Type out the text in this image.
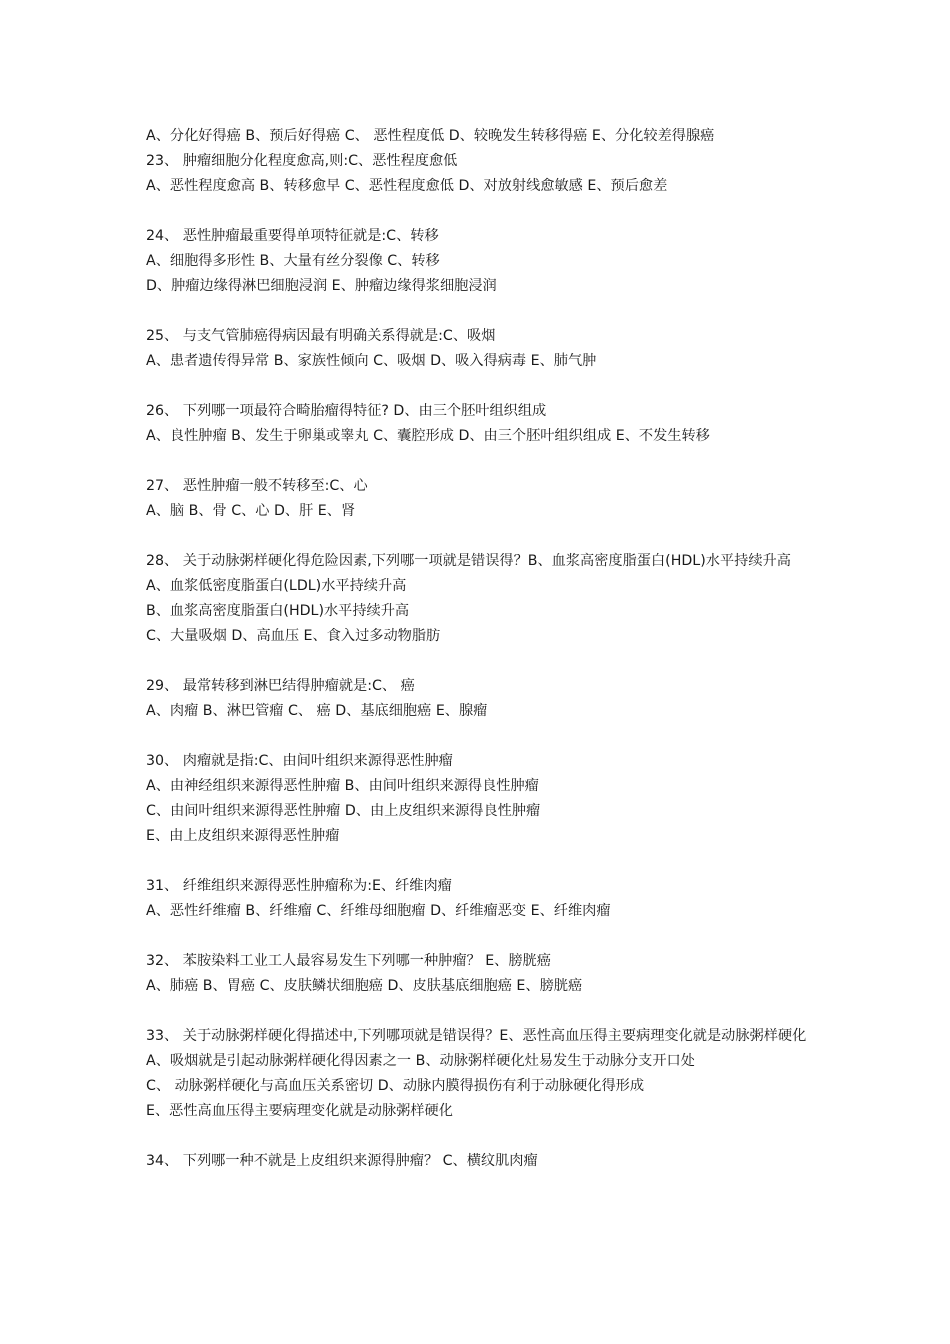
A、分化好得癌 B、预后好得癌 C、 恶性程度低 D、较晚发生转移得癌 E、分化较差得腺癌

23、 肿瘤细胞分化程度愈高,则:C、恶性程度愈低

A、恶性程度愈高 B、转移愈早 C、恶性程度愈低 D、对放射线愈敏感 E、预后愈差

24、 恶性肿瘤最重要得单项特征就是:C、转移

A、细胞得多形性 B、大量有丝分裂像 C、转移

D、肿瘤边缘得淋巴细胞浸润 E、肿瘤边缘得浆细胞浸润

25、 与支气管肺癌得病因最有明确关系得就是:C、吸烟

A、患者遗传得异常 B、家族性倾向 C、吸烟 D、吸入得病毒 E、肺气肿

26、 下列哪一项最符合畸胎瘤得特征? D、由三个胚叶组织组成

A、良性肿瘤 B、发生于卵巢或睾丸 C、囊腔形成 D、由三个胚叶组织组成 E、不发生转移

27、 恶性肿瘤一般不转移至:C、心

A、脑 B、骨 C、心 D、肝 E、肾

28、 关于动脉粥样硬化得危险因素,下列哪一项就是错误得？B、血浆高密度脂蛋白(HDL)水平持续升高

A、血浆低密度脂蛋白(LDL)水平持续升高

B、血浆高密度脂蛋白(HDL)水平持续升高

C、大量吸烟 D、高血压 E、食入过多动物脂肪

29、 最常转移到淋巴结得肿瘤就是:C、 癌

A、肉瘤 B、淋巴管瘤 C、 癌 D、基底细胞癌 E、腺瘤

30、 肉瘤就是指:C、由间叶组织来源得恶性肿瘤

A、由神经组织来源得恶性肿瘤 B、由间叶组织来源得良性肿瘤

C、由间叶组织来源得恶性肿瘤 D、由上皮组织来源得良性肿瘤

E、由上皮组织来源得恶性肿瘤

31、 纤维组织来源得恶性肿瘤称为:E、纤维肉瘤

A、恶性纤维瘤 B、纤维瘤 C、纤维母细胞瘤 D、纤维瘤恶变 E、纤维肉瘤

32、 苯胺染料工业工人最容易发生下列哪一种肿瘤？ E、膀胱癌

A、肺癌 B、胃癌 C、皮肤鳞状细胞癌 D、皮肤基底细胞癌 E、膀胱癌

33、 关于动脉粥样硬化得描述中,下列哪项就是错误得？E、恶性高血压得主要病理变化就是动脉粥样硬化

A、吸烟就是引起动脉粥样硬化得因素之一 B、动脉粥样硬化灶易发生于动脉分支开口处

C、 动脉粥样硬化与高血压关系密切 D、动脉内膜得损伤有利于动脉硬化得形成

E、恶性高血压得主要病理变化就是动脉粥样硬化

34、 下列哪一种不就是上皮组织来源得肿瘤？ C、横纹肌肉瘤
